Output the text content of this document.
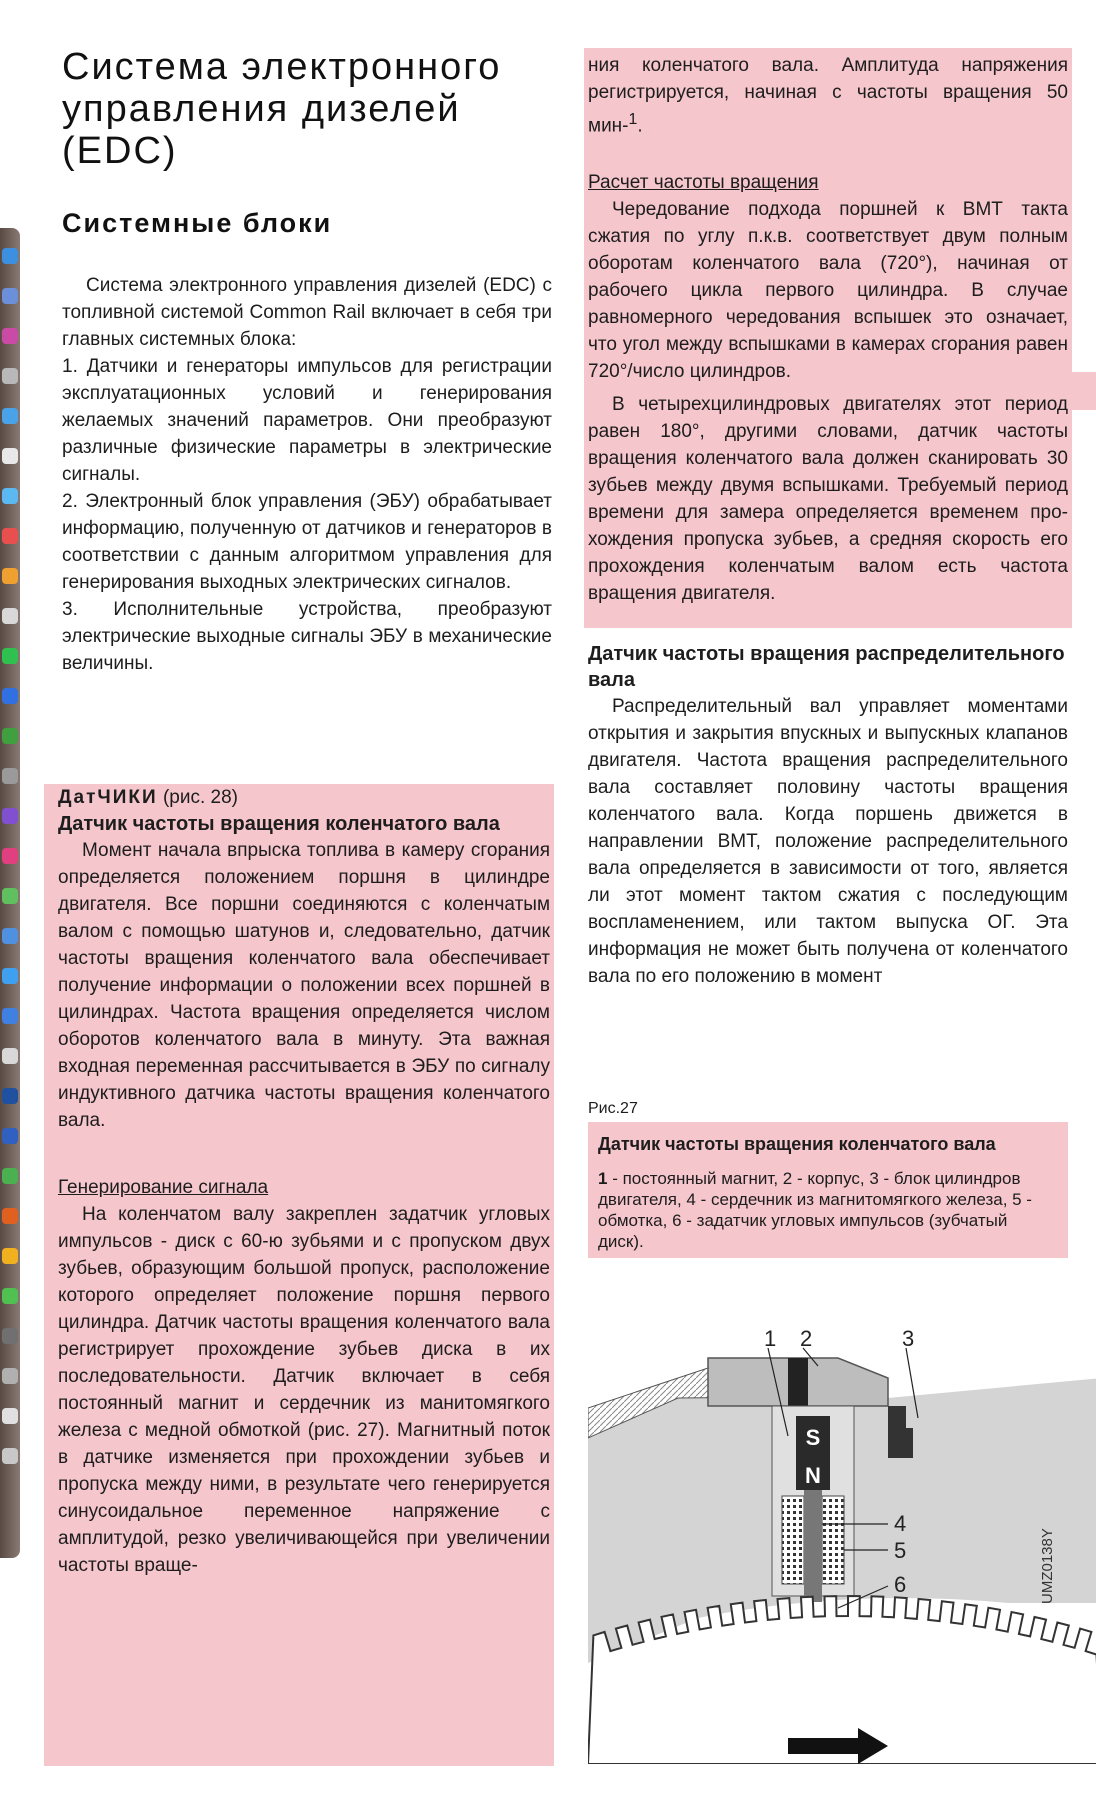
Система электронного управления дизелей (EDC)
Системные блоки

Система электронного управления дизелей (EDC) с топливной системой Common Rail включает в себя три главных системных блока:

1. Датчики и генераторы импульсов для регистрации эксплуатационных условий и генерирования желаемых значений параметров. Они преобразуют различные физические параметры в электрические сигналы.

2. Электронный блок управления (ЭБУ) обрабатывает информацию, полученную от датчиков и генераторов в соответствии с данным алгоритмом управления для генерирования выходных электрических сигналов.

3. Исполнительные устройства, преобразуют электрические выходные сигналы ЭБУ в механические величины.

ДатЧИКИ (рис. 28)

Датчик частоты вращения коленчатого вала

Момент начала впрыска топлива в камеру сгорания определяется положением поршня в цилиндре двигателя. Все поршни соединяются с коленчатым валом с помощью шатунов и, следовательно, датчик частоты вращения коленчатого вала обеспечивает получение информации о положении всех поршней в цилиндрах. Частота вращения определяется числом оборотов коленчатого вала в минуту. Эта важная входная переменная рассчитывается в ЭБУ по сигналу индуктивного датчика частоты вращения коленчатого вала.

Генерирование сигнала

На коленчатом валу закреплен задатчик угловых импульсов - диск с 60-ю зубьями и с пропуском двух зубьев, образующим большой пропуск, расположение которого определяет положение поршня первого цилиндра. Датчик частоты вращения коленчатого вала регистрирует прохождение зубьев диска в их последовательности. Датчик включает в себя постоянный магнит и сердечник из манитомягкого железа с медной обмоткой (рис. 27). Магнитный поток в датчике изменяется при прохождении зубьев и пропуска между ними, в результате чего генерируется синусоидальное переменное напряжение с амплитудой, резко увеличивающейся при увеличении частоты враще-

ния коленчатого вала. Амплитуда напряжения регистрируется, начиная с частоты вращения 50 мин-$^1$.

Расчет частоты вращения

Чередование подхода поршней к ВМТ такта сжатия по углу п.к.в. соответствует двум полным оборотам коленчатого вала (720°), начиная от рабочего цикла первого цилиндра. В случае равномерного чередования вспышек это означает, что угол между вспышками в камерах сгорания равен 720°/число цилиндров.

В четырехцилиндровых двигателях этот период равен 180°, другими словами, датчик частоты вращения коленчатого вала должен сканировать 30 зубьев между двумя вспышками. Требуемый период времени для замера определяется временем прохождения пропуска зубьев, а средняя скорость его прохождения коленчатым валом есть частота вращения двигателя.

Датчик частоты вращения распределительного вала

Распределительный вал управляет моментами открытия и закрытия впускных и выпускных клапанов двигателя. Частота вращения распределительного вала составляет половину частоты вращения коленчатого вала. Когда поршень движется в направлении ВМТ, положение распределительного вала определяется в зависимости от того, является ли этот момент тактом сжатия с последующим воспламенением, или тактом выпуска ОГ. Эта информация не может быть получена от коленчатого вала по его положению в момент

Рис.27
Датчик частоты вращения коленчатого вала
1 - постоянный магнит, 2 - корпус, 3 - блок цилиндров двигателя, 4 - сердечник из магнитомягкого железа, 5 - обмотка, 6 - задатчик угловых импульсов (зубчатый диск).
S
N
1 2	3
4
5
6	UMZ0138Y
